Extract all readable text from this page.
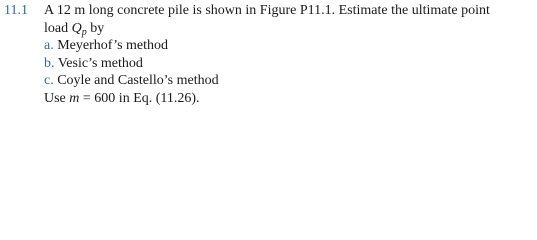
11.1 A 12 m long concrete pile is shown in Figure P11.1. Estimate the ultimate point
load $Q_p$ by
a. Meyerhof’s method
b. Vesic’s method
c. Coyle and Castello’s method
Use m = 600 in Eq. (11.26).
